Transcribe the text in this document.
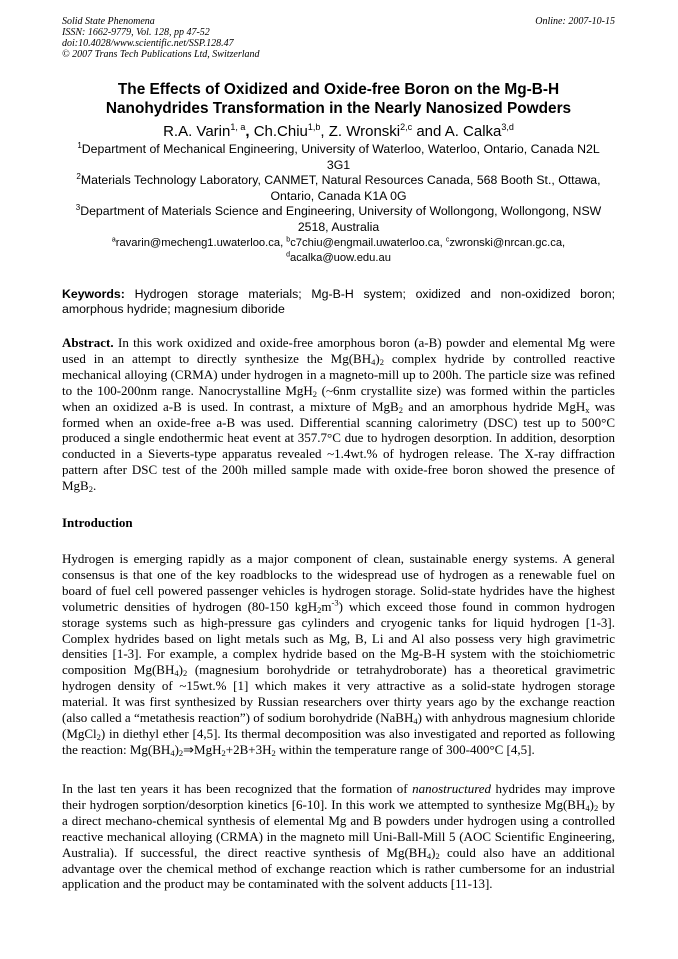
Solid State Phenomena
ISSN: 1662-9779, Vol. 128, pp 47-52
doi:10.4028/www.scientific.net/SSP.128.47
© 2007 Trans Tech Publications Ltd, Switzerland
Online: 2007-10-15
The Effects of Oxidized and Oxide-free Boron on the Mg-B-H
Nanohydrides Transformation in the Nearly Nanosized Powders
R.A. Varin$^{1, a}$, Ch.Chiu$^{1,b}$, Z. Wronski$^{2,c}$ and A. Calka$^{3,d}$
$^1$Department of Mechanical Engineering, University of Waterloo, Waterloo, Ontario, Canada N2L
3G1
$^2$Materials Technology Laboratory, CANMET, Natural Resources Canada, 568 Booth St., Ottawa,
Ontario, Canada K1A 0G
$^3$Department of Materials Science and Engineering, University of Wollongong, Wollongong, NSW
2518, Australia
$^a$ravarin@mecheng1.uwaterloo.ca, $^b$c7chiu@engmail.uwaterloo.ca, $^c$zwronski@nrcan.gc.ca,
$^d$acalka@uow.edu.au
Keywords: Hydrogen storage materials; Mg-B-H system; oxidized and non-oxidized boron; amorphous hydride; magnesium diboride
Abstract. In this work oxidized and oxide-free amorphous boron (a-B) powder and elemental Mg were used in an attempt to directly synthesize the $Mg(BH_4)_2$ complex hydride by controlled reactive mechanical alloying (CRMA) under hydrogen in a magneto-mill up to 200h. The particle size was refined to the 100-200nm range. Nanocrystalline MgH$_2$ (~6nm crystallite size) was formed within the particles when an oxidized a-B is used. In contrast, a mixture of MgB$_2$ and an amorphous hydride MgH$_x$ was formed when an oxide-free a-B was used. Differential scanning calorimetry (DSC) test up to 500°C produced a single endothermic heat event at 357.7°C due to hydrogen desorption. In addition, desorption conducted in a Sieverts-type apparatus revealed ~1.4wt.% of hydrogen release. The X-ray diffraction pattern after DSC test of the 200h milled sample made with oxide-free boron showed the presence of MgB$_2$.
Introduction
Hydrogen is emerging rapidly as a major component of clean, sustainable energy systems. A general consensus is that one of the key roadblocks to the widespread use of hydrogen as a renewable fuel on board of fuel cell powered passenger vehicles is hydrogen storage. Solid-state hydrides have the highest volumetric densities of hydrogen (80-150 $kgH_2m^{-3}$) which exceed those found in common hydrogen storage systems such as high-pressure gas cylinders and cryogenic tanks for liquid hydrogen [1-3]. Complex hydrides based on light metals such as Mg, B, Li and Al also possess very high gravimetric densities [1-3]. For example, a complex hydride based on the Mg-B-H system with the stoichiometric composition $Mg(BH_4)_2$ (magnesium borohydride or tetrahydroborate) has a theoretical gravimetric hydrogen density of ~15wt.% [1] which makes it very attractive as a solid-state hydrogen storage material. It was first synthesized by Russian researchers over thirty years ago by the exchange reaction (also called a “metathesis reaction”) of sodium borohydride (NaBH$_4$) with anhydrous magnesium chloride (MgCl$_2$) in diethyl ether [4,5]. Its thermal decomposition was also investigated and reported as following the reaction: $Mg(BH_4)_2\Rightarrow MgH_2+2B+3H_2$ within the temperature range of 300-400°C [4,5].
In the last ten years it has been recognized that the formation of nanostructured hydrides may improve their hydrogen sorption/desorption kinetics [6-10]. In this work we attempted to synthesize $Mg(BH_4)_2$ by a direct mechano-chemical synthesis of elemental Mg and B powders under hydrogen using a controlled reactive mechanical alloying (CRMA) in the magneto mill Uni-Ball-Mill 5 (AOC Scientific Engineering, Australia). If successful, the direct reactive synthesis of $Mg(BH_4)_2$ could also have an additional advantage over the chemical method of exchange reaction which is rather cumbersome for an industrial application and the product may be contaminated with the solvent adducts [11-13].
